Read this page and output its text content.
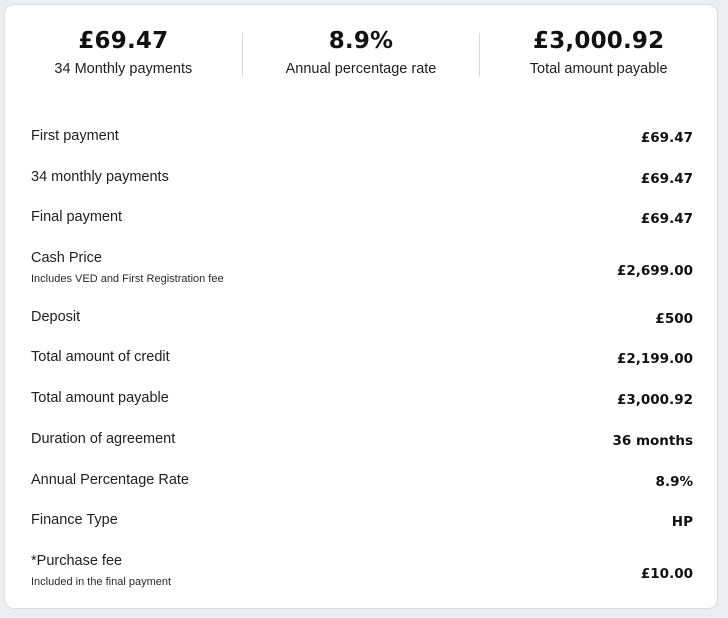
£69.47
34 Monthly payments
8.9%
Annual percentage rate
£3,000.92
Total amount payable
First payment	£69.47
34 monthly payments	£69.47
Final payment	£69.47
Cash Price
Includes VED and First Registration fee	£2,699.00
Deposit	£500
Total amount of credit	£2,199.00
Total amount payable	£3,000.92
Duration of agreement	36 months
Annual Percentage Rate	8.9%
Finance Type	HP
*Purchase fee
Included in the final payment	£10.00
